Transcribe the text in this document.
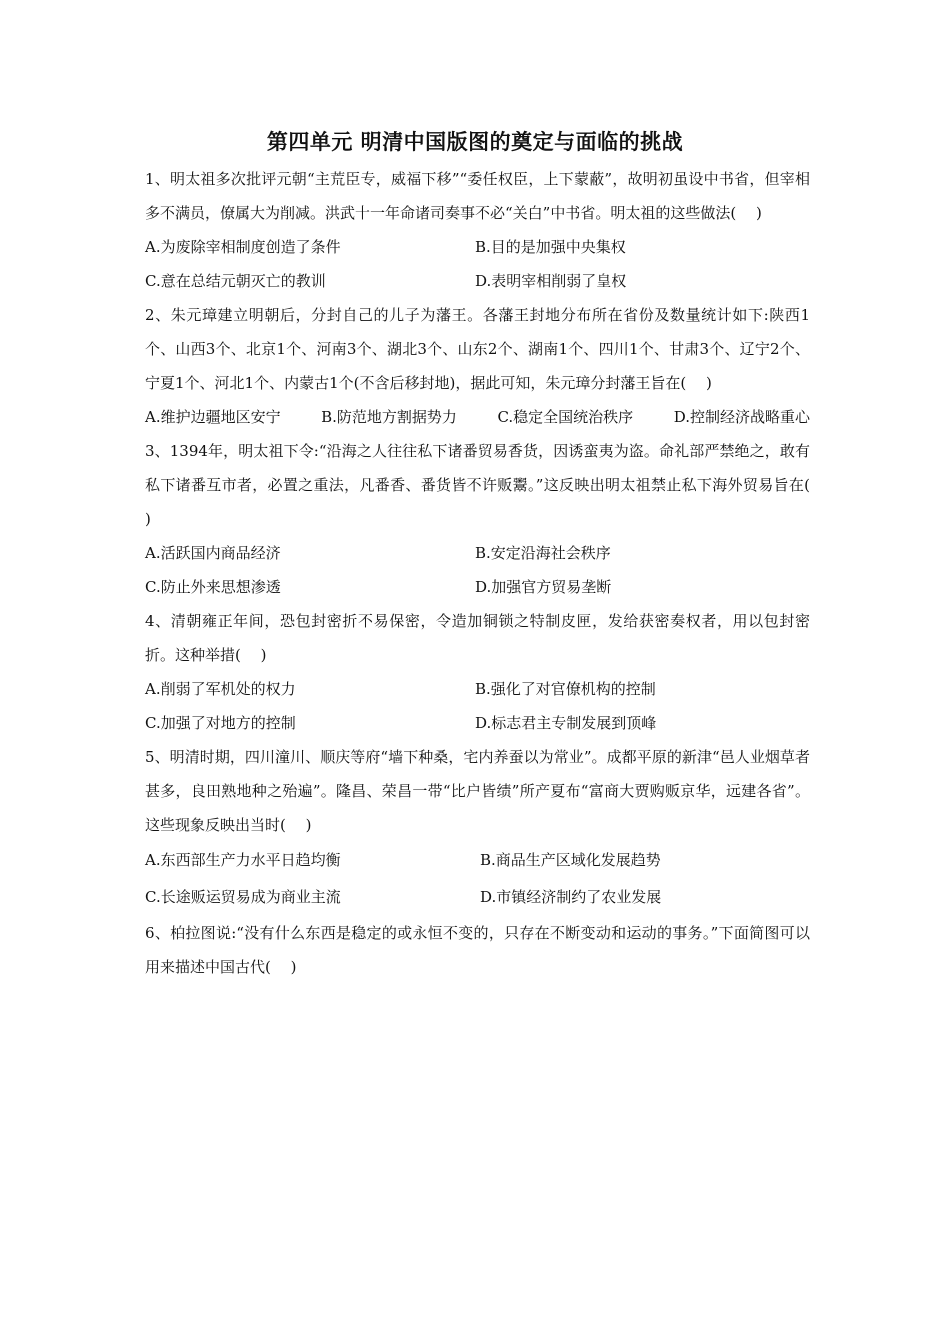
第四单元 明清中国版图的奠定与面临的挑战
1、明太祖多次批评元朝“主荒臣专，威福下移”“委任权臣，上下蒙蔽”，故明初虽设中书省，但宰相多不满员，僚属大为削减。洪武十一年命诸司奏事不必“关白”中书省。明太祖的这些做法(　 )
A.为废除宰相制度创造了条件	B.目的是加强中央集权
C.意在总结元朝灭亡的教训	D.表明宰相削弱了皇权
2、朱元璋建立明朝后，分封自己的儿子为藩王。各藩王封地分布所在省份及数量统计如下:陕西1个、山西3个、北京1个、河南3个、湖北3个、山东2个、湖南1个、四川1个、甘肃3个、辽宁2个、宁夏1个、河北1个、内蒙古1个(不含后移封地)，据此可知，朱元璋分封藩王旨在(　 )
A.维护边疆地区安宁	B.防范地方割据势力	C.稳定全国统治秩序	D.控制经济战略重心
3、1394年，明太祖下令:“沿海之人往往私下诸番贸易香货，因诱蛮夷为盗。命礼部严禁绝之，敢有私下诸番互市者，必置之重法，凡番香、番货皆不许贩鬻。”这反映出明太祖禁止私下海外贸易旨在(　　 )
A.活跃国内商品经济	B.安定沿海社会秩序
C.防止外来思想渗透	D.加强官方贸易垄断
4、清朝雍正年间，恐包封密折不易保密，令造加铜锁之特制皮匣，发给获密奏权者，用以包封密折。这种举措(　 )
A.削弱了军机处的权力	B.强化了对官僚机构的控制
C.加强了对地方的控制	D.标志君主专制发展到顶峰
5、明清时期，四川潼川、顺庆等府“墙下种桑，宅内养蚕以为常业”。成都平原的新津“邑人业烟草者甚多，良田熟地种之殆遍”。隆昌、荣昌一带“比户皆绩”所产夏布“富商大贾购贩京华，远建各省”。这些现象反映出当时(　 )
A.东西部生产力水平日趋均衡	B.商品生产区域化发展趋势
C.长途贩运贸易成为商业主流	D.市镇经济制约了农业发展
6、柏拉图说:“没有什么东西是稳定的或永恒不变的，只存在不断变动和运动的事务。”下面简图可以用来描述中国古代(　 )
